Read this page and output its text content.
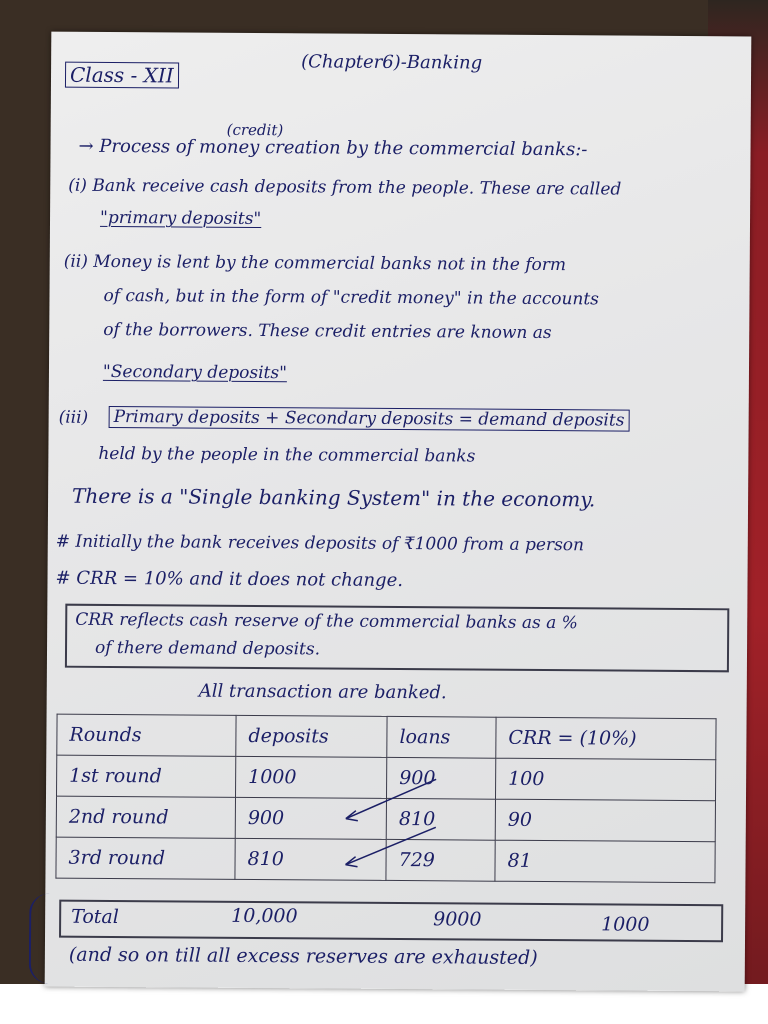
Class - XII
(Chapter6)-Banking
(credit)
→ Process of money creation by the commercial banks:-
(i) Bank receive cash deposits from the people. These are called
"primary deposits"
(ii) Money is lent by the commercial banks not in the form
of cash, but in the form of "credit money" in the accounts
of the borrowers. These credit entries are known as
"Secondary deposits"
(iii) Primary deposits + Secondary deposits = demand deposits
held by the people in the commercial banks
There is a "Single banking System" in the economy.
# Initially the bank receives deposits of ₹1000 from a person
# CRR = 10% and it does not change.
CRR reflects cash reserve of the commercial banks as a %
of there demand deposits.
All transaction are banked.
Rounds	deposits	loans	CRR = (10%)
1st round	1000	900	100
2nd round	900	810	90
3rd round	810	729	81
Total	10,000	9000	1000
(and so on till all excess reserves are exhausted)
